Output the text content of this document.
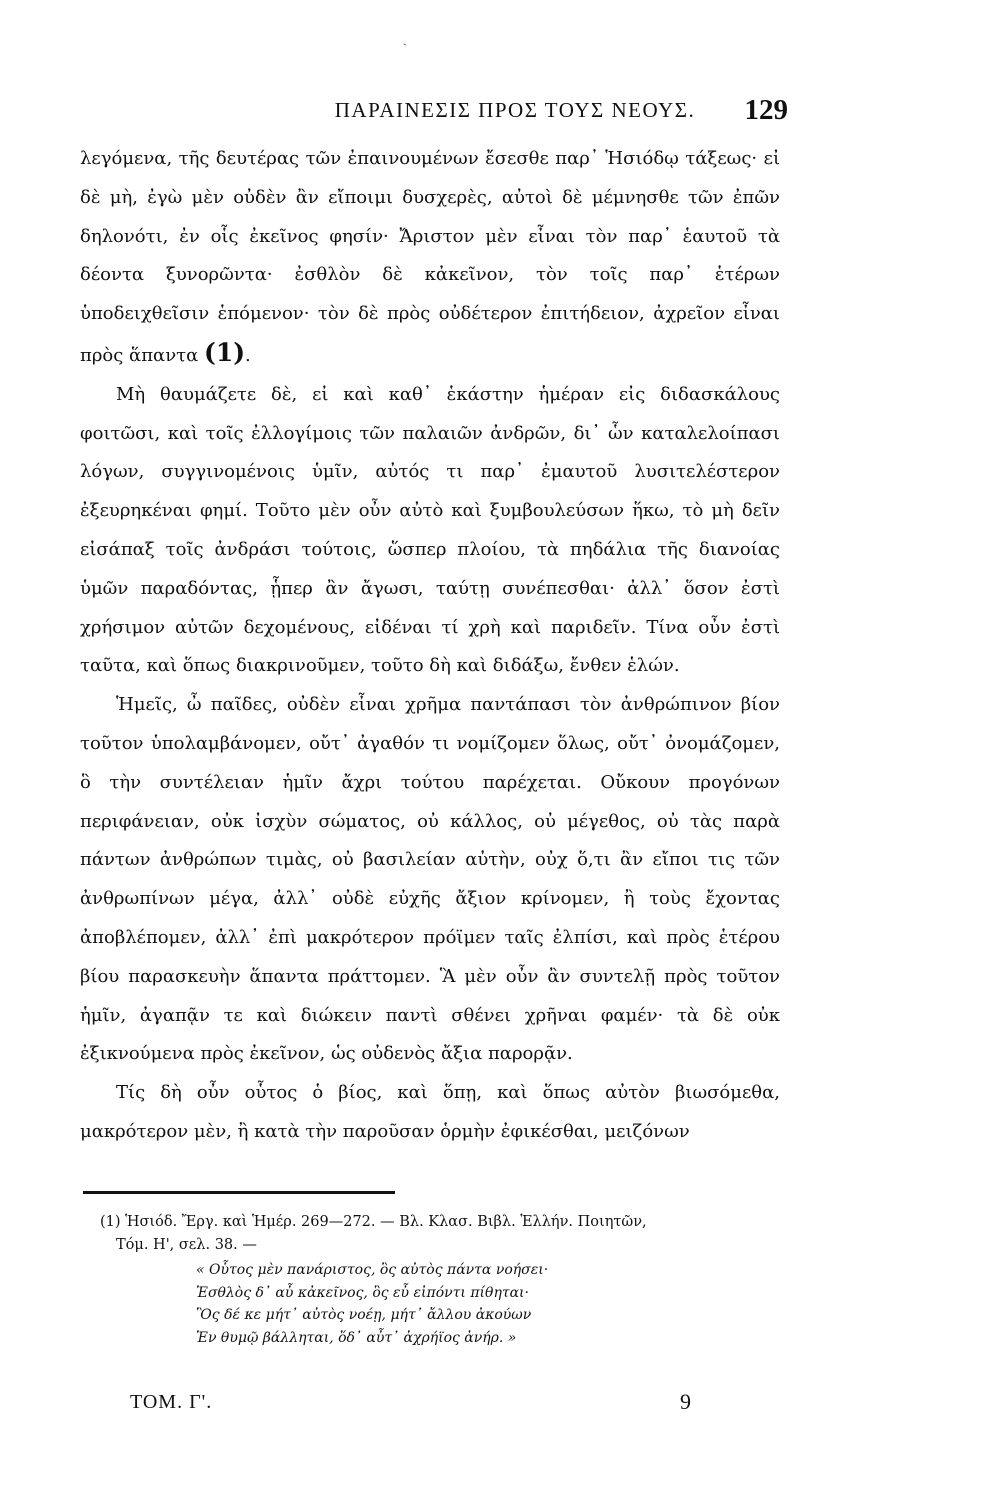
ˎ
ΠΑΡΑΙΝΕΣΙΣ ΠΡΟΣ ΤΟΥΣ ΝΕΟΥΣ.	129

λεγόμενα, τῆς δευτέρας τῶν ἐπαινουμένων ἔσεσθε παρ᾽ Ἡσιόδῳ τάξεως· εἰ δὲ μὴ, ἐγὼ μὲν οὐδὲν ἂν εἴποιμι δυσχερὲς, αὐτοὶ δὲ μέμνησθε τῶν ἐπῶν δηλονότι, ἐν οἷς ἐκεῖνος φησίν· Ἄριστον μὲν εἶναι τὸν παρ᾽ ἑαυτοῦ τὰ δέοντα ξυνορῶντα· ἐσθλὸν δὲ κἀκεῖνον, τὸν τοῖς παρ᾽ ἑτέρων ὑποδειχθεῖσιν ἑπόμενον· τὸν δὲ πρὸς οὐδέτερον ἐπιτήδειον, ἀχρεῖον εἶναι πρὸς ἅπαντα (1).

Μὴ θαυμάζετε δὲ, εἰ καὶ καθ᾽ ἑκάστην ἡμέραν εἰς διδασκάλους φοιτῶσι, καὶ τοῖς ἐλλογίμοις τῶν παλαιῶν ἀνδρῶν, δι᾽ ὧν καταλελοίπασι λόγων, συγγινομένοις ὑμῖν, αὐτός τι παρ᾽ ἐμαυτοῦ λυσιτελέστερον ἐξευρηκέναι φημί. Τοῦτο μὲν οὖν αὐτὸ καὶ ξυμβουλεύσων ἥκω, τὸ μὴ δεῖν εἰσάπαξ τοῖς ἀνδράσι τούτοις, ὥσπερ πλοίου, τὰ πηδάλια τῆς διανοίας ὑμῶν παραδόντας, ᾗπερ ἂν ἄγωσι, ταύτῃ συνέπεσθαι· ἀλλ᾽ ὅσον ἐστὶ χρήσιμον αὐτῶν δεχομένους, εἰδέναι τί χρὴ καὶ παριδεῖν. Τίνα οὖν ἐστὶ ταῦτα, καὶ ὅπως διακρινοῦμεν, τοῦτο δὴ καὶ διδάξω, ἔνθεν ἑλών.

Ἡμεῖς, ὦ παῖδες, οὐδὲν εἶναι χρῆμα παντάπασι τὸν ἀνθρώπινον βίον τοῦτον ὑπολαμβάνομεν, οὔτ᾽ ἀγαθόν τι νομίζομεν ὅλως, οὔτ᾽ ὀνομάζομεν, ὃ τὴν συντέλειαν ἡμῖν ἄχρι τούτου παρέχεται. Οὔκουν προγόνων περιφάνειαν, οὐκ ἰσχὺν σώματος, οὐ κάλλος, οὐ μέγεθος, οὐ τὰς παρὰ πάντων ἀνθρώπων τιμὰς, οὐ βασιλείαν αὐτὴν, οὐχ ὅ,τι ἂν εἴποι τις τῶν ἀνθρωπίνων μέγα, ἀλλ᾽ οὐδὲ εὐχῆς ἄξιον κρίνομεν, ἢ τοὺς ἔχοντας ἀποβλέπομεν, ἀλλ᾽ ἐπὶ μακρότερον πρόϊμεν ταῖς ἐλπίσι, καὶ πρὸς ἑτέρου βίου παρασκευὴν ἅπαντα πράττομεν. Ἃ μὲν οὖν ἂν συντελῇ πρὸς τοῦτον ἡμῖν, ἀγαπᾷν τε καὶ διώκειν παντὶ σθένει χρῆναι φαμέν· τὰ δὲ οὐκ ἐξικνούμενα πρὸς ἐκεῖνον, ὡς οὐδενὸς ἄξια παρορᾷν.

Τίς δὴ οὖν οὗτος ὁ βίος, καὶ ὅπῃ, καὶ ὅπως αὐτὸν βιωσόμεθα, μακρότερον μὲν, ἢ κατὰ τὴν παροῦσαν ὁρμὴν ἐφικέσθαι, μειζόνων

(1) Ἡσιόδ. Ἔργ. καὶ Ἡμέρ. 269—272. — Βλ. Κλασ. Βιβλ. Ἑλλήν. Ποιητῶν,
Τόμ. Η', σελ. 38. —
« Οὗτος μὲν πανάριστος, ὃς αὐτὸς πάντα νοήσει·
Ἐσθλὸς δ᾽ αὖ κἀκεῖνος, ὃς εὖ εἰπόντι πίθηται·
Ὃς δέ κε μήτ᾽ αὐτὸς νοέῃ, μήτ᾽ ἄλλου ἀκούων
Ἐν θυμῷ βάλληται, ὅδ᾽ αὖτ᾽ ἀχρήϊος ἀνήρ. »
ΤΟΜ. Γ'.	9
